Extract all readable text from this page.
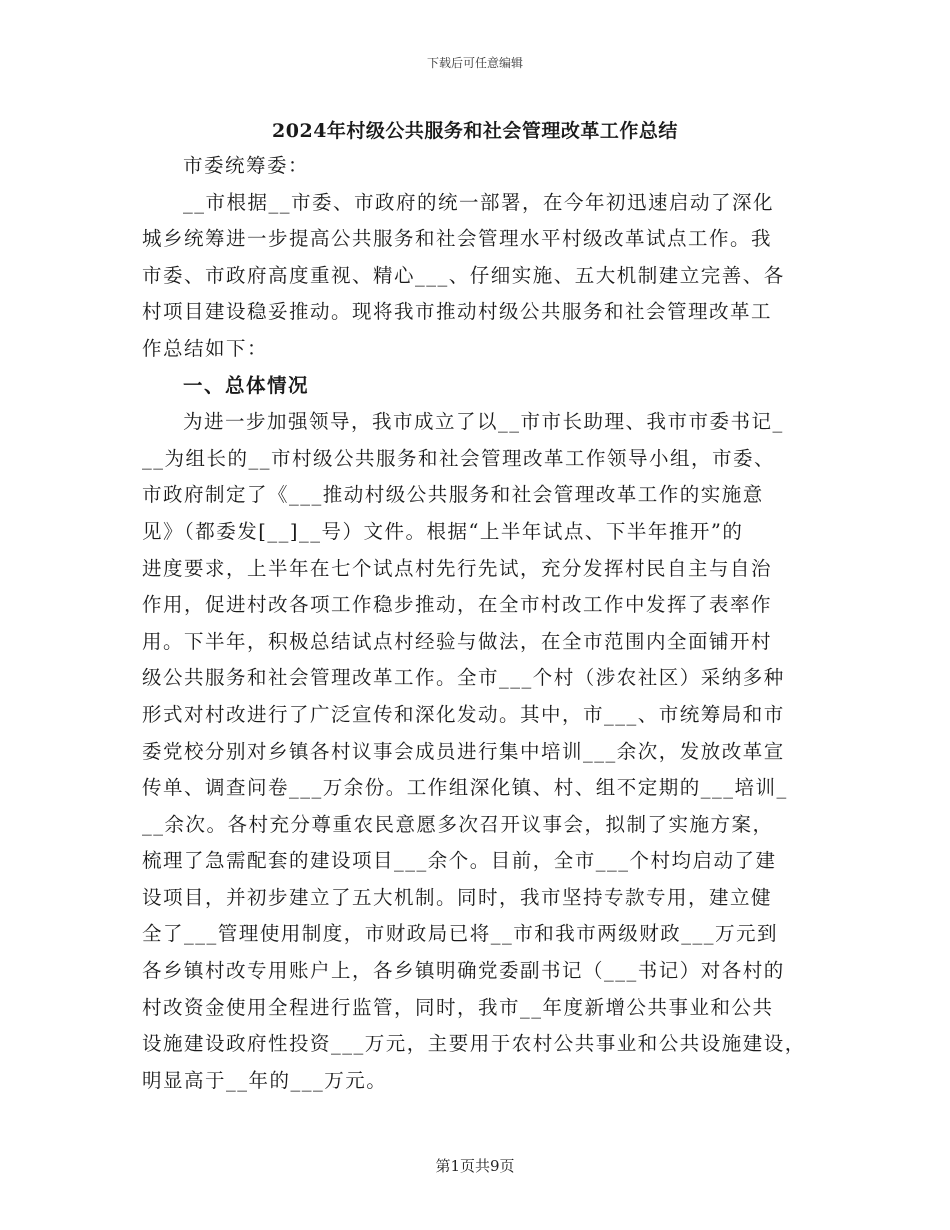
下载后可任意编辑
2024年村级公共服务和社会管理改革工作总结
市委统筹委：
__市根据__市委、市政府的统一部署，在今年初迅速启动了深化
城乡统筹进一步提高公共服务和社会管理水平村级改革试点工作。我
市委、市政府高度重视、精心___、仔细实施、五大机制建立完善、各
村项目建设稳妥推动。现将我市推动村级公共服务和社会管理改革工
作总结如下：
一、总体情况
为进一步加强领导，我市成立了以__市市长助理、我市市委书记_
__为组长的__市村级公共服务和社会管理改革工作领导小组，市委、
市政府制定了《___推动村级公共服务和社会管理改革工作的实施意
见》（都委发[__]__号）文件。根据“上半年试点、下半年推开”的
进度要求，上半年在七个试点村先行先试，充分发挥村民自主与自治
作用，促进村改各项工作稳步推动，在全市村改工作中发挥了表率作
用。下半年，积极总结试点村经验与做法，在全市范围内全面铺开村
级公共服务和社会管理改革工作。全市___个村（涉农社区）采纳多种
形式对村改进行了广泛宣传和深化发动。其中，市___、市统筹局和市
委党校分别对乡镇各村议事会成员进行集中培训___余次，发放改革宣
传单、调查问卷___万余份。工作组深化镇、村、组不定期的___培训_
__余次。各村充分尊重农民意愿多次召开议事会，拟制了实施方案，
梳理了急需配套的建设项目___余个。目前，全市___个村均启动了建
设项目，并初步建立了五大机制。同时，我市坚持专款专用，建立健
全了___管理使用制度，市财政局已将__市和我市两级财政___万元到
各乡镇村改专用账户上，各乡镇明确党委副书记（___书记）对各村的
村改资金使用全程进行监管，同时，我市__年度新增公共事业和公共
设施建设政府性投资___万元，主要用于农村公共事业和公共设施建设，
明显高于__年的___万元。
第1页共9页
